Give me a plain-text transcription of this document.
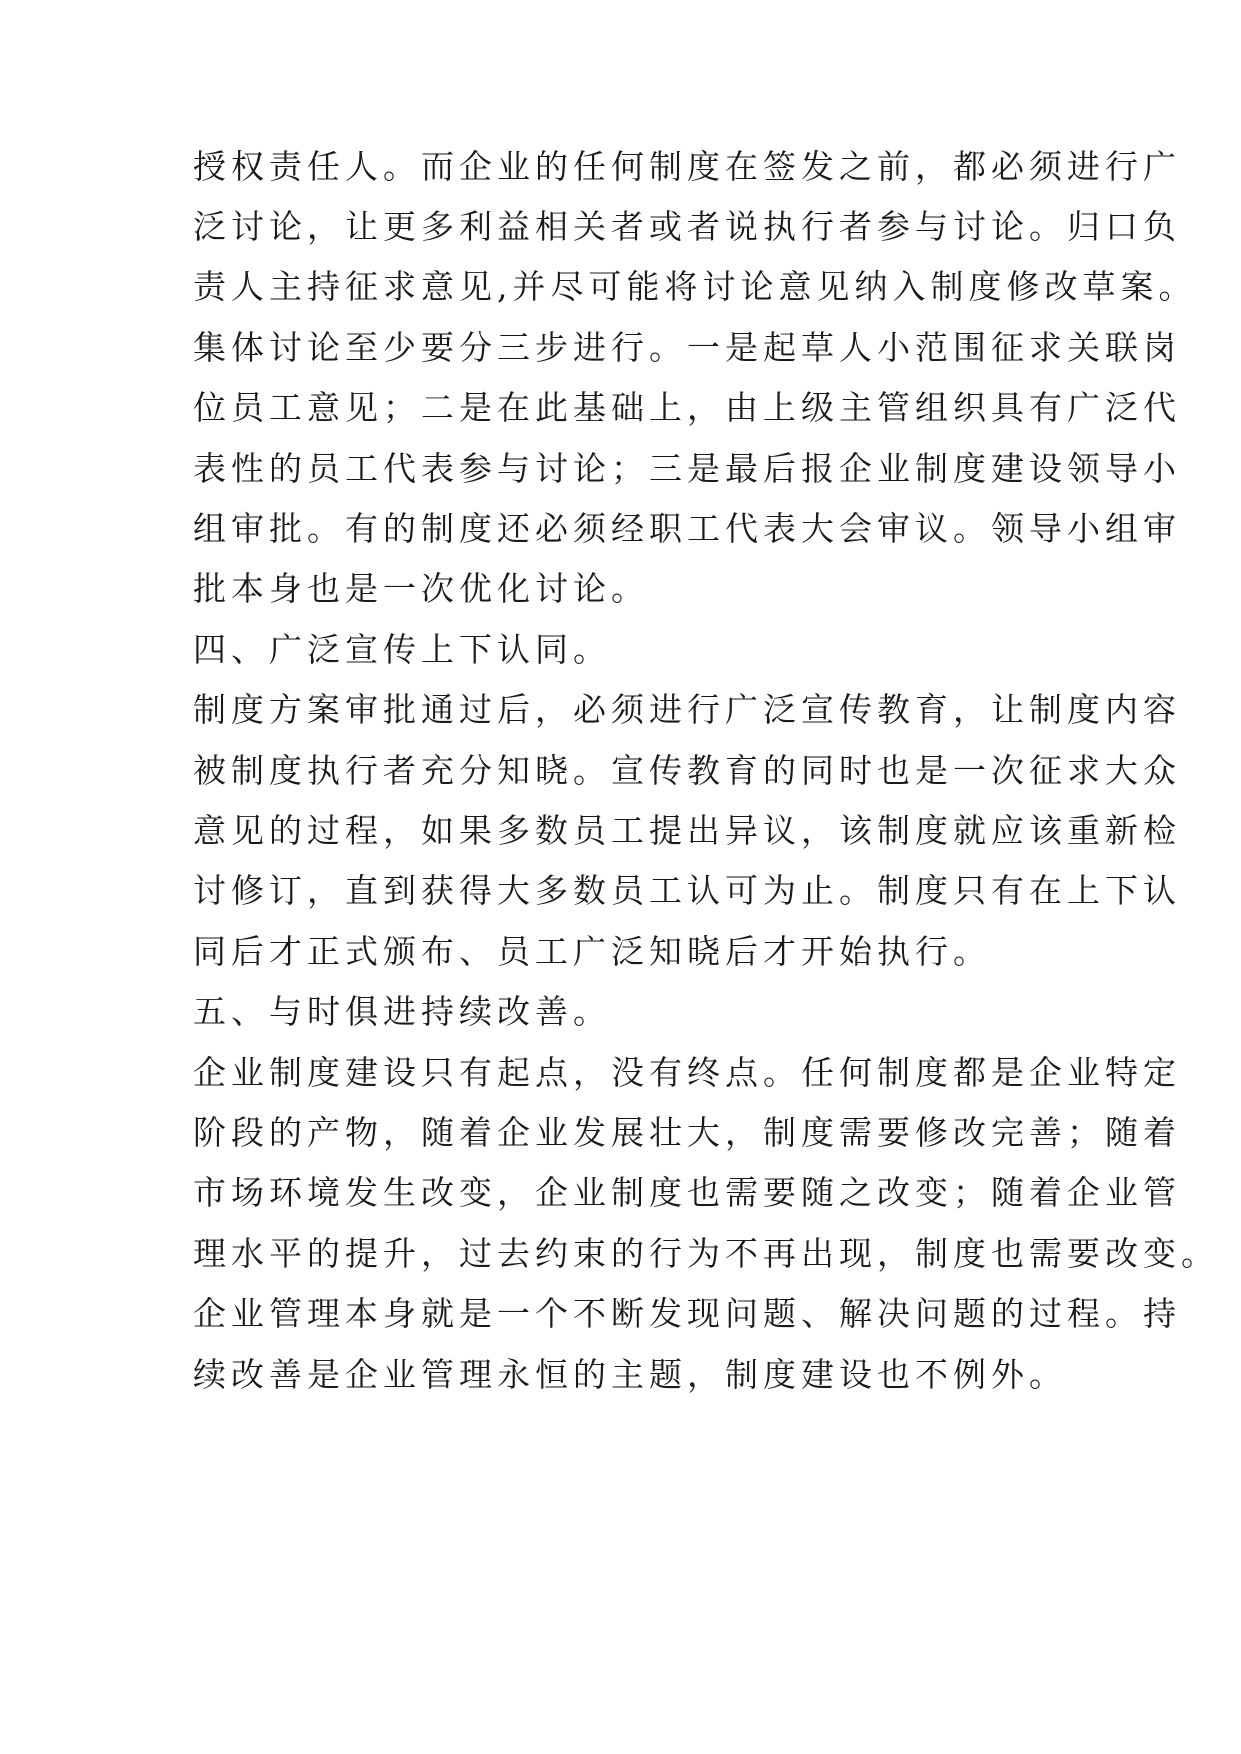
授权责任人。而企业的任何制度在签发之前，都必须进行广
泛讨论，让更多利益相关者或者说执行者参与讨论。归口负
责人主持征求意见,并尽可能将讨论意见纳入制度修改草案。
集体讨论至少要分三步进行。一是起草人小范围征求关联岗
位员工意见；二是在此基础上，由上级主管组织具有广泛代
表性的员工代表参与讨论；三是最后报企业制度建设领导小
组审批。有的制度还必须经职工代表大会审议。领导小组审
批本身也是一次优化讨论。
四、广泛宣传上下认同。
制度方案审批通过后，必须进行广泛宣传教育，让制度内容
被制度执行者充分知晓。宣传教育的同时也是一次征求大众
意见的过程，如果多数员工提出异议，该制度就应该重新检
讨修订，直到获得大多数员工认可为止。制度只有在上下认
同后才正式颁布、员工广泛知晓后才开始执行。
五、与时俱进持续改善。
企业制度建设只有起点，没有终点。任何制度都是企业特定
阶段的产物，随着企业发展壮大，制度需要修改完善；随着
市场环境发生改变，企业制度也需要随之改变；随着企业管
理水平的提升，过去约束的行为不再出现，制度也需要改变。
企业管理本身就是一个不断发现问题、解决问题的过程。持
续改善是企业管理永恒的主题，制度建设也不例外。
